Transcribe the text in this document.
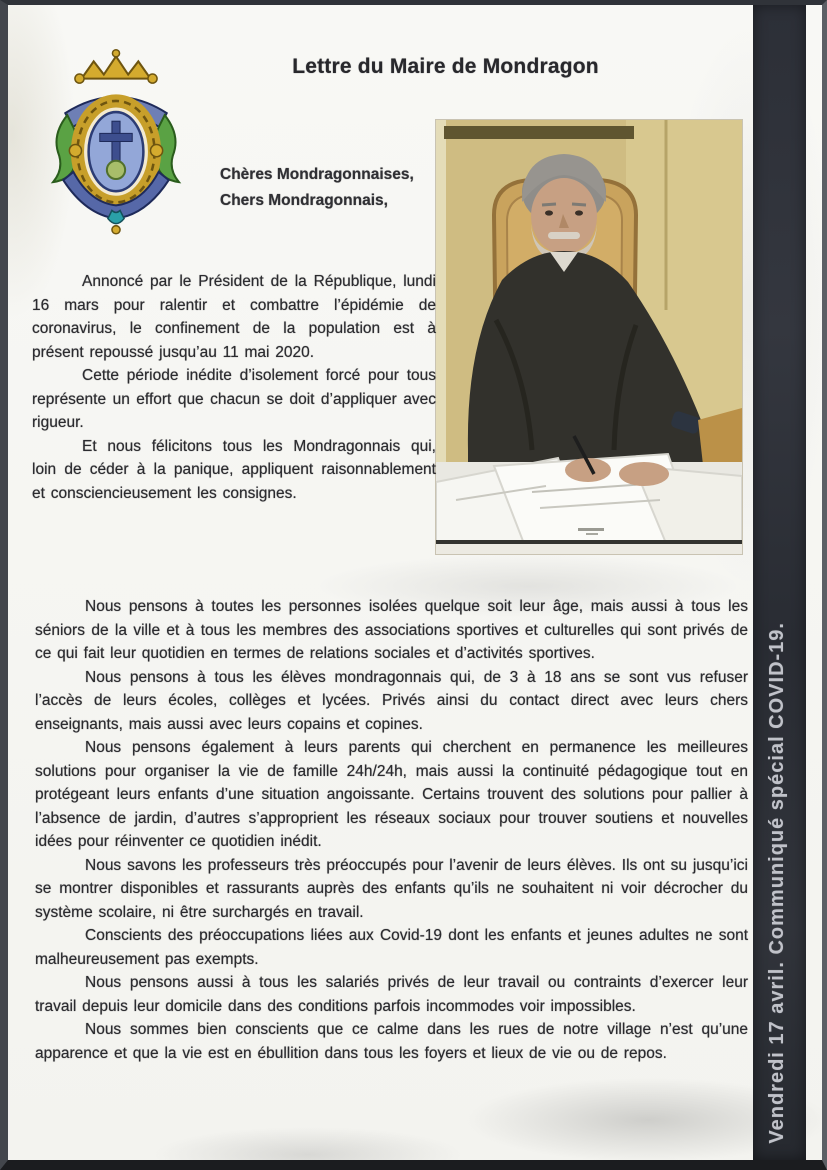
Lettre du Maire de Mondragon
Chères Mondragonnaises,
Chers Mondragonnais,

Annoncé par le Président de la République, lundi 16 mars pour ralentir et combattre l’épidémie de coronavirus, le confinement de la population est à présent repoussé jusqu’au 11 mai 2020.

Cette période inédite d’isolement forcé pour tous représente un effort que chacun se doit d’appliquer avec rigueur.

Et nous félicitons tous les Mondragonnais qui, loin de céder à la panique, appliquent raisonnablement et consciencieusement les consignes.

Nous pensons à toutes les personnes isolées quelque soit leur âge, mais aussi à tous les séniors de la ville et à tous les membres des associations sportives et culturelles qui sont privés de ce qui fait leur quotidien en termes de relations sociales et d’activités sportives.

Nous pensons à tous les élèves mondragonnais qui, de 3 à 18 ans se sont vus refuser l’accès de leurs écoles, collèges et lycées. Privés ainsi du contact direct avec leurs chers enseignants, mais aussi avec leurs copains et copines.

Nous pensons également à leurs parents qui cherchent en permanence les meilleures solutions pour organiser la vie de famille 24h/24h, mais aussi la continuité pédagogique tout en protégeant leurs enfants d’une situation angoissante. Certains trouvent des solutions pour pallier à l’absence de jardin, d’autres s’approprient les réseaux sociaux pour trouver soutiens et nouvelles idées pour réinventer ce quotidien inédit.

Nous savons les professeurs très préoccupés pour l’avenir de leurs élèves. Ils ont su jusqu’ici se montrer disponibles et rassurants auprès des enfants qu’ils ne souhaitent ni voir décrocher du système scolaire, ni être surchargés en travail.

Conscients des préoccupations liées aux Covid-19 dont les enfants et jeunes adultes ne sont malheureusement pas exempts.

Nous pensons aussi à tous les salariés privés de leur travail ou contraints d’exercer leur travail depuis leur domicile dans des conditions parfois incommodes voir impossibles.

Nous sommes bien conscients que ce calme dans les rues de notre village n’est qu’une apparence et que la vie est en ébullition dans tous les foyers et lieux de vie ou de repos.	Vendredi 17 avril. Communiqué spécial COVID-19.
